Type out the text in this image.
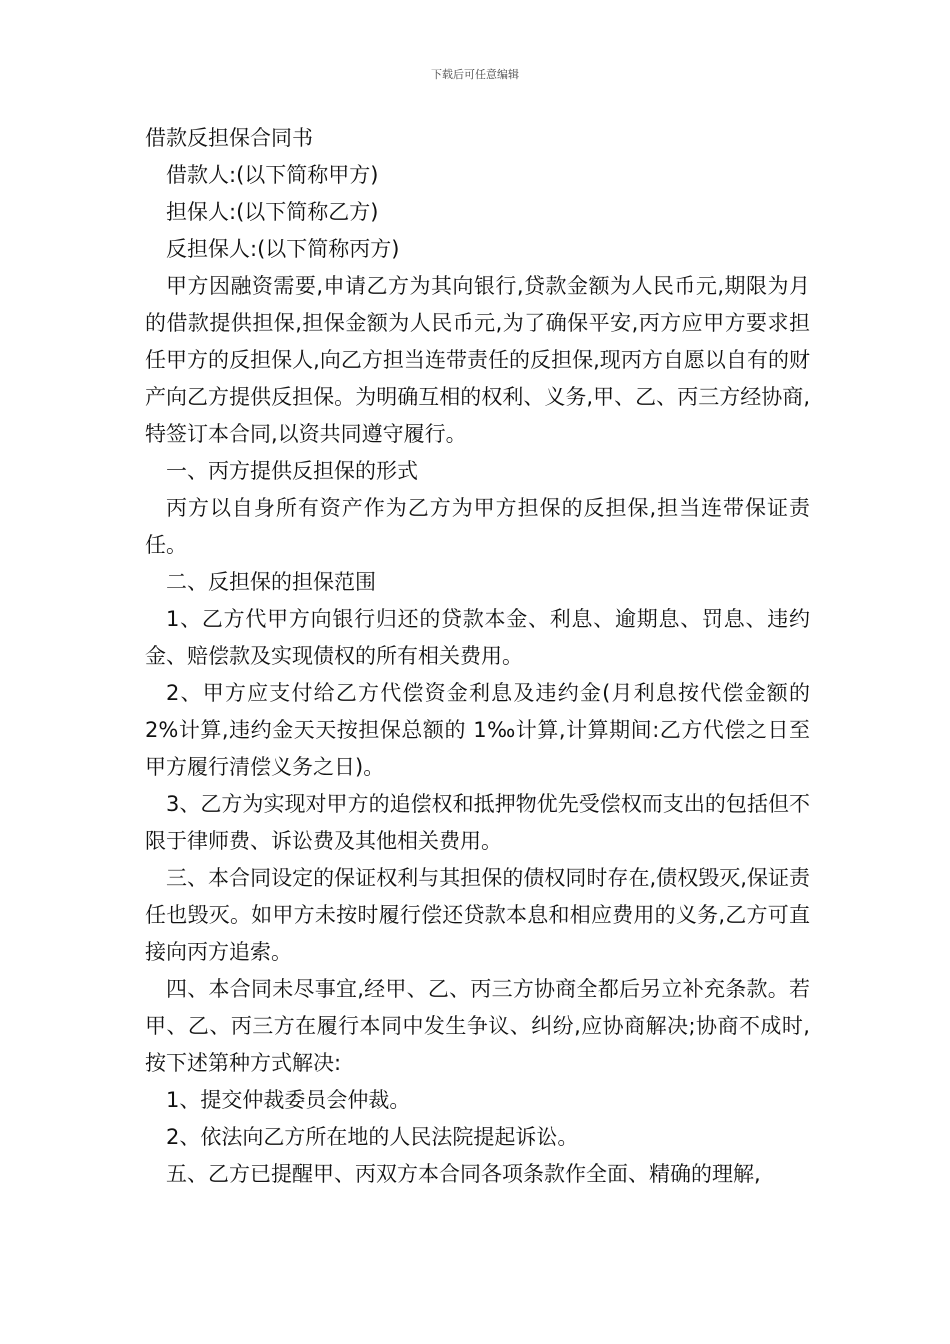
下载后可任意编辑

借款反担保合同书

借款人:(以下简称甲方)

担保人:(以下简称乙方)

反担保人:(以下简称丙方)

甲方因融资需要,申请乙方为其向银行,贷款金额为人民币元,期限为月的借款提供担保,担保金额为人民币元,为了确保平安,丙方应甲方要求担任甲方的反担保人,向乙方担当连带责任的反担保,现丙方自愿以自有的财产向乙方提供反担保。为明确互相的权利、义务,甲、乙、丙三方经协商,特签订本合同,以资共同遵守履行。

一、丙方提供反担保的形式

丙方以自身所有资产作为乙方为甲方担保的反担保,担当连带保证责任。

二、反担保的担保范围

1、乙方代甲方向银行归还的贷款本金、利息、逾期息、罚息、违约金、赔偿款及实现债权的所有相关费用。

2、甲方应支付给乙方代偿资金利息及违约金(月利息按代偿金额的 2%计算,违约金天天按担保总额的 1‰计算,计算期间:乙方代偿之日至甲方履行清偿义务之日)。

3、乙方为实现对甲方的追偿权和抵押物优先受偿权而支出的包括但不限于律师费、诉讼费及其他相关费用。

三、本合同设定的保证权利与其担保的债权同时存在,债权毁灭,保证责任也毁灭。如甲方未按时履行偿还贷款本息和相应费用的义务,乙方可直接向丙方追索。

四、本合同未尽事宜,经甲、乙、丙三方协商全都后另立补充条款。若甲、乙、丙三方在履行本同中发生争议、纠纷,应协商解决;协商不成时,按下述第种方式解决:

1、提交仲裁委员会仲裁。

2、依法向乙方所在地的人民法院提起诉讼。

五、乙方已提醒甲、丙双方本合同各项条款作全面、精确的理解,
